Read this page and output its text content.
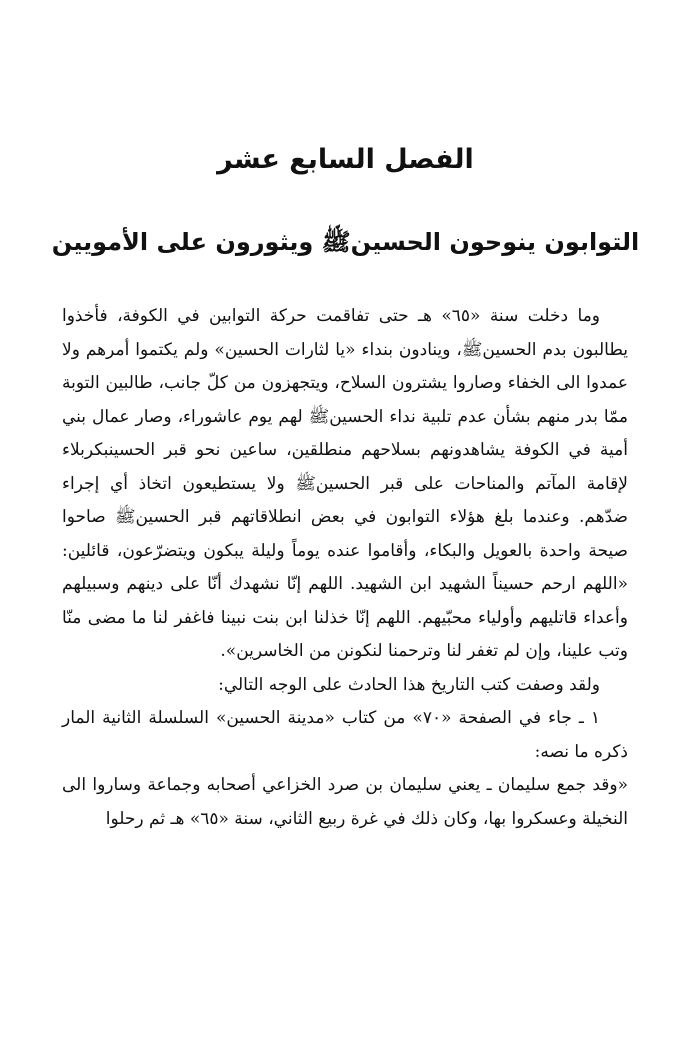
الفصل السابع عشر
التوابون ينوحون الحسينﷺ ويثورون على الأمويين

وما دخلت سنة «٦٥» هـ حتى تفاقمت حركة التوابين في الكوفة، فأخذوا يطالبون بدم الحسينﷺ، وينادون بنداء «يا لثارات الحسين» ولم يكتموا أمرهم ولا عمدوا الى الخفاء وصاروا يشترون السلاح، ويتجهزون من كلّ جانب، طالبين التوبة ممّا بدر منهم بشأن عدم تلبية نداء الحسينﷺ لهم يوم عاشوراء، وصار عمال بني أمية في الكوفة يشاهدونهم بسلاحهم منطلقين، ساعين نحو قبر الحسينبكربلاء لإقامة المآتم والمناحات على قبر الحسينﷺ ولا يستطيعون اتخاذ أي إجراء ضدّهم. وعندما بلغ هؤلاء التوابون في بعض انطلاقاتهم قبر الحسينﷺ صاحوا صيحة واحدة بالعويل والبكاء، وأقاموا عنده يوماً وليلة يبكون ويتضرّعون، قائلين: «اللهم ارحم حسيناً الشهيد ابن الشهيد. اللهم إنّا نشهدك أنّا على دينهم وسبيلهم وأعداء قاتليهم وأولياء محبّيهم. اللهم إنّا خذلنا ابن بنت نبينا فاغفر لنا ما مضى منّا وتب علينا، وإن لم تغفر لنا وترحمنا لنكونن من الخاسرين».

ولقد وصفت كتب التاريخ هذا الحادث على الوجه التالي:

١ ـ جاء في الصفحة «٧٠» من كتاب «مدينة الحسين» السلسلة الثانية المار ذكره ما نصه:

«وقد جمع سليمان ـ يعني سليمان بن صرد الخزاعي أصحابه وجماعة وساروا الى النخيلة وعسكروا بها، وكان ذلك في غرة ربيع الثاني، سنة «٦٥» هـ ثم رحلوا
